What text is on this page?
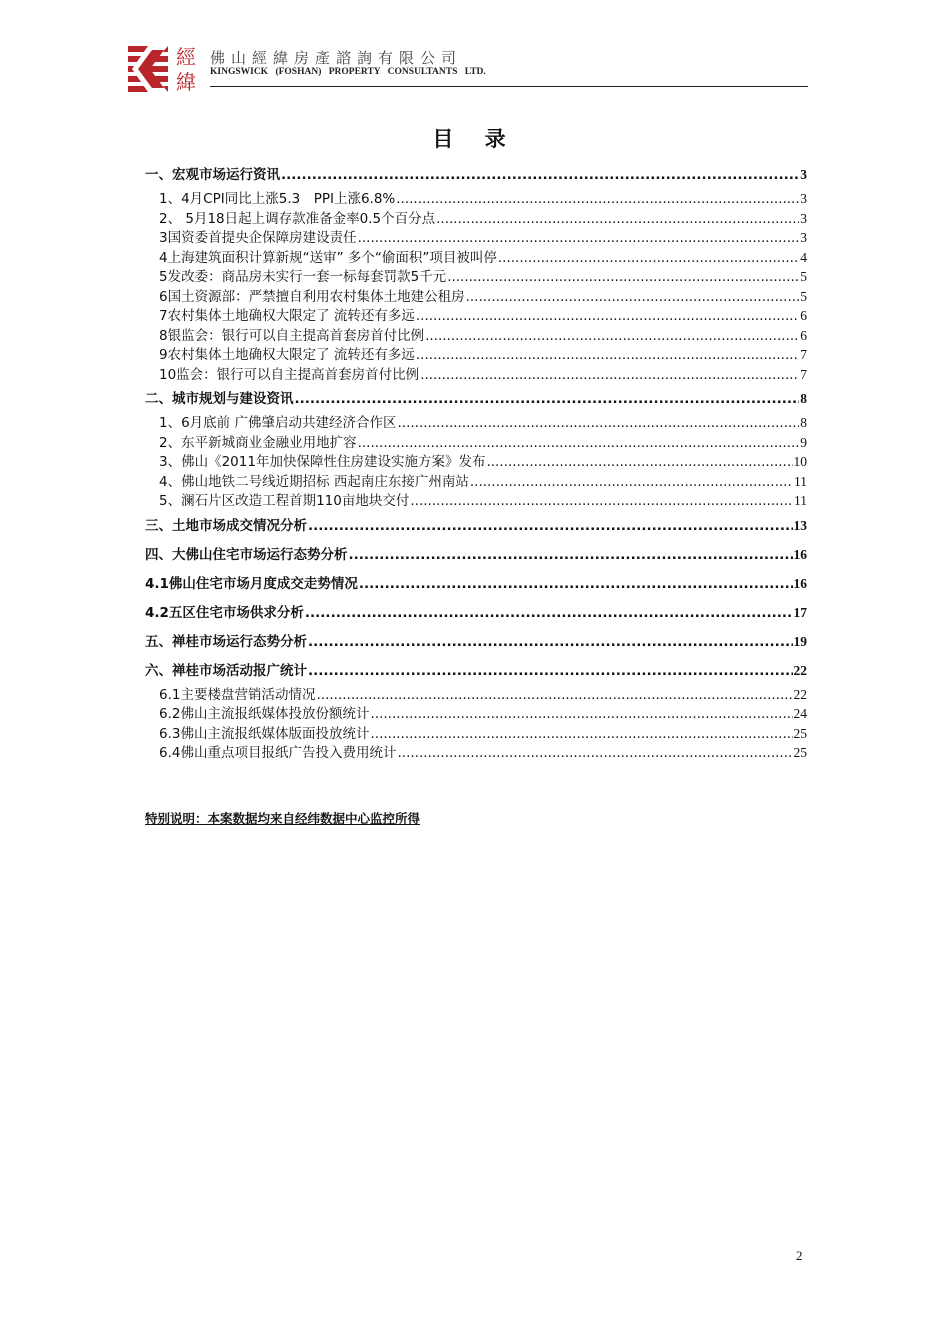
經
緯
佛山經緯房產諮詢有限公司
KINGSWICK (FOSHAN) PROPERTY CONSULTANTS LTD.
目 录
一、宏观市场运行资讯 .....	3
1、4月CPI同比上涨5.3　PPI上涨6.8% .....	3
2、 5月18日起上调存款准备金率0.5个百分点 .....	3
3国资委首提央企保障房建设责任 .....	3
4上海建筑面积计算新规“送审” 多个“偷面积”项目被叫停 .....	4
5发改委：商品房未实行一套一标每套罚款5千元 .....	5
6国土资源部：严禁擅自利用农村集体土地建公租房 .....	5
7农村集体土地确权大限定了 流转还有多远 .....	6
8银监会：银行可以自主提高首套房首付比例 .....	6
9农村集体土地确权大限定了 流转还有多远 .....	7
10监会：银行可以自主提高首套房首付比例 .....	7
二、城市规划与建设资讯 .....	8
1、6月底前 广佛肇启动共建经济合作区 .....	8
2、东平新城商业金融业用地扩容 .....	9
3、佛山《2011年加快保障性住房建设实施方案》发布 .....	10
4、佛山地铁二号线近期招标 西起南庄东接广州南站 .....	11
5、澜石片区改造工程首期110亩地块交付 .....	11
三、土地市场成交情况分析 .....	13
四、大佛山住宅市场运行态势分析 .....	16
4.1佛山住宅市场月度成交走势情况 .....	16
4.2五区住宅市场供求分析 .....	17
五、禅桂市场运行态势分析 .....	19
六、禅桂市场活动报广统计 .....	22
6.1主要楼盘营销活动情况 .....	22
6.2佛山主流报纸媒体投放份额统计 .....	24
6.3佛山主流报纸媒体版面投放统计 .....	25
6.4佛山重点项目报纸广告投入费用统计 .....	25
特别说明：本案数据均来自经纬数据中心监控所得
2
